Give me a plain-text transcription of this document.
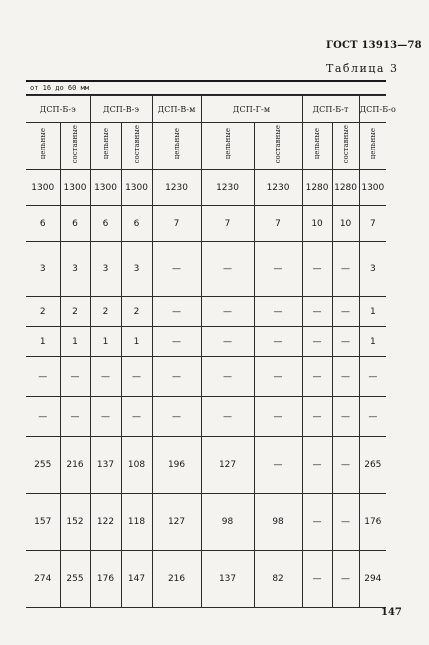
ГОСТ 13913—78
Таблица 3
от 16 до 60 мм
ДСП-Б-э		ДСП-В-э		ДСП-В-м	ДСП-Г-м		ДСП-Б-т		ДСП-Б-о
цельные	составные	цельные	составные	цельные	цельные	составные	цельные	составные	цельные
1300	1300	1300	1300	1230	1230	1230	1280	1280	1300
6	6	6	6	7	7	7	10	10	7
3	3	3	3	—	—	—	—	—	3
2	2	2	2	—	—	—	—	—	1
1	1	1	1	—	—	—	—	—	1
—	—	—	—	—	—	—	—	—	—
—	—	—	—	—	—	—	—	—	—
255	216	137	108	196	127	—	—	—	265
157	152	122	118	127	98	98	—	—	176
274	255	176	147	216	137	82	—	—	294
147
